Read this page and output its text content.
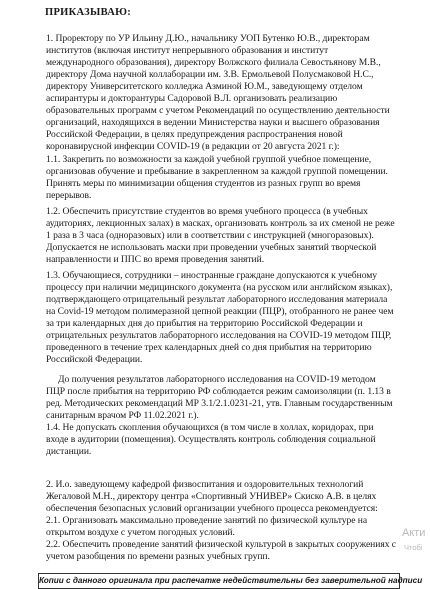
ПРИКАЗЫВАЮ:
1. Проректору по УР Ильину Д.Ю., начальнику УОП Бутенко Ю.В., директорам
институтов (включая институт непрерывного образования и институт
международного образования), директору Волжского филиала Севостьянову М.В.,
директору Дома научной коллаборации им. З.В. Ермольевой Полусмаковой Н.С.,
директору Университетского колледжа Азминой Ю.М., заведующему отделом
аспирантуры и докторантуры Садоровой В.Л. организовать реализацию
образовательных программ с учетом Рекомендаций по осуществлению деятельности
организаций, находящихся в ведении Министерства науки и высшего образования
Российской Федерации, в целях предупреждения распространения новой
коронавирусной инфекции COVID-19 (в редакции от 20 августа 2021 г.):
1.1. Закрепить по возможности за каждой учебной группой учебное помещение,
организовав обучение и пребывание в закрепленном за каждой группой помещении.
Принять меры по минимизации общения студентов из разных групп во время
перерывов.
1.2. Обеспечить присутствие студентов во время учебного процесса (в учебных
аудиториях, лекционных залах) в масках, организовать контроль за их сменой не реже
1 раза в 3 часа (одноразовых) или в соответствии с инструкцией (многоразовых).
Допускается не использовать маски при проведении учебных занятий творческой
направленности и ППС во время проведения занятий.
1.3. Обучающиеся, сотрудники – иностранные граждане допускаются к учебному
процессу при наличии медицинского документа (на русском или английском языках),
подтверждающего отрицательный результат лабораторного исследования материала
на Covid-19 методом полимеразной цепной реакции (ПЦР), отобранного не ранее чем
за три календарных дня до прибытия на территорию Российской Федерации и
отрицательных результатов лабораторного исследования на COVID-19 методом ПЦР,
проведенного в течение трех календарных дней со дня прибытия на территорию
Российской Федерации.
До получения результатов лабораторного исследования на COVID-19 методом
ПЦР после прибытия на территорию РФ соблюдается режим самоизоляции (п. 1.13 в
ред. Методических рекомендаций МР 3.1/2.1.0231-21, утв. Главным государственным
санитарным врачом РФ 11.02.2021 г.).
1.4. Не допускать скопления обучающихся (в том числе в холлах, коридорах, при
входе в аудитории (помещения). Осуществлять контроль соблюдения социальной
дистанции.
2. И.о. заведующему кафедрой физвоспитания и оздоровительных технологий
Жегаловой М.Н., директору центра «Спортивный УНИВЕР» Скиско А.В. в целях
обеспечения безопасных условий организации учебного процесса рекомендуется:
2.1. Организовать максимально проведение занятий по физической культуре на
открытом воздухе с учетом погодных условий.
2.2. Обеспечить проведение занятий физической культурой в закрытых сооружениях с
учетом разобщения по времени разных учебных групп.
Акти
Чтобі
Копии с данного оригинала при распечатке недействительны без заверительной надписи
